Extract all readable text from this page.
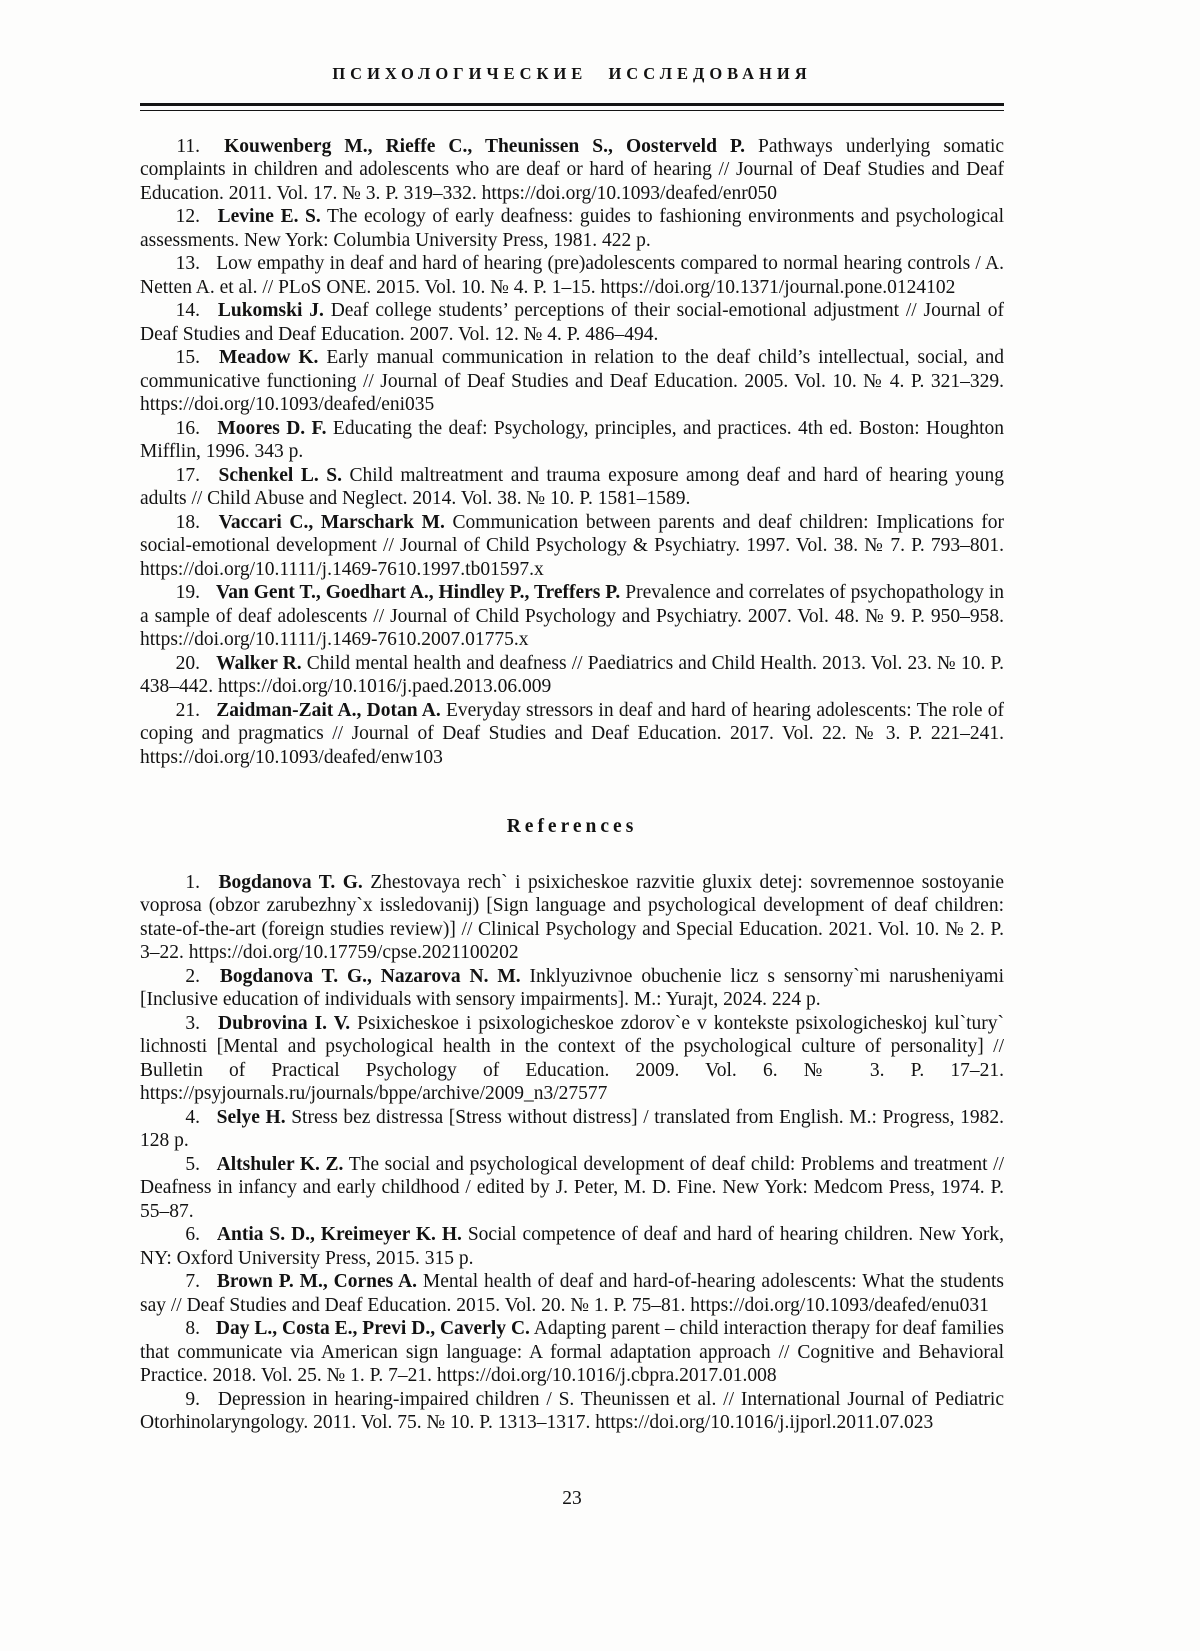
ПСИХОЛОГИЧЕСКИЕ ИССЛЕДОВАНИЯ

11. Kouwenberg M., Rieffe C., Theunissen S., Oosterveld P. Pathways underlying somatic complaints in children and adolescents who are deaf or hard of hearing // Journal of Deaf Studies and Deaf Education. 2011. Vol. 17. № 3. P. 319–332. https://doi.org/10.1093/deafed/enr050

12. Levine E. S. The ecology of early deafness: guides to fashioning environments and psychological assessments. New York: Columbia University Press, 1981. 422 p.

13. Low empathy in deaf and hard of hearing (pre)adolescents compared to normal hearing controls / A. Netten A. et al. // PLoS ONE. 2015. Vol. 10. № 4. P. 1–15. https://doi.org/10.1371/journal.pone.0124102

14. Lukomski J. Deaf college students’ perceptions of their social-emotional adjustment // Journal of Deaf Studies and Deaf Education. 2007. Vol. 12. № 4. P. 486–494.

15. Meadow K. Early manual communication in relation to the deaf child’s intellectual, social, and communicative functioning // Journal of Deaf Studies and Deaf Education. 2005. Vol. 10. № 4. P. 321–329. https://doi.org/10.1093/deafed/eni035

16. Moores D. F. Educating the deaf: Psychology, principles, and practices. 4th ed. Boston: Houghton Mifflin, 1996. 343 p.

17. Schenkel L. S. Child maltreatment and trauma exposure among deaf and hard of hearing young adults // Child Abuse and Neglect. 2014. Vol. 38. № 10. P. 1581–1589.

18. Vaccari C., Marschark M. Communication between parents and deaf children: Implications for social-emotional development // Journal of Child Psychology & Psychiatry. 1997. Vol. 38. № 7. P. 793–801. https://doi.org/10.1111/j.1469-7610.1997.tb01597.x

19. Van Gent T., Goedhart A., Hindley P., Treffers P. Prevalence and correlates of psychopathology in a sample of deaf adolescents // Journal of Child Psychology and Psychiatry. 2007. Vol. 48. № 9. P. 950–958. https://doi.org/10.1111/j.1469-7610.2007.01775.x

20. Walker R. Child mental health and deafness // Paediatrics and Child Health. 2013. Vol. 23. № 10. P. 438–442. https://doi.org/10.1016/j.paed.2013.06.009

21. Zaidman-Zait A., Dotan A. Everyday stressors in deaf and hard of hearing adolescents: The role of coping and pragmatics // Journal of Deaf Studies and Deaf Education. 2017. Vol. 22. № 3. P. 221–241. https://doi.org/10.1093/deafed/enw103

References

1. Bogdanova T. G. Zhestovaya rech` i psixicheskoe razvitie gluxix detej: sovremennoe sostoyanie voprosa (obzor zarubezhny`x issledovanij) [Sign language and psychological development of deaf children: state-of-the-art (foreign studies review)] // Clinical Psychology and Special Education. 2021. Vol. 10. № 2. P. 3–22. https://doi.org/10.17759/cpse.2021100202

2. Bogdanova T. G., Nazarova N. M. Inklyuzivnoe obuchenie licz s sensorny`mi narusheniyami [Inclusive education of individuals with sensory impairments]. M.: Yurajt, 2024. 224 p.

3. Dubrovina I. V. Psixicheskoe i psixologicheskoe zdorov`e v kontekste psixologicheskoj kul`tury` lichnosti [Mental and psychological health in the context of the psychological culture of personality] // Bulletin of Practical Psychology of Education. 2009. Vol. 6. № 3. P. 17–21. https://psyjournals.ru/journals/bppe/archive/2009_n3/27577

4. Selye H. Stress bez distressa [Stress without distress] / translated from English. M.: Progress, 1982. 128 p.

5. Altshuler K. Z. The social and psychological development of deaf child: Problems and treatment // Deafness in infancy and early childhood / edited by J. Peter, M. D. Fine. New York: Medcom Press, 1974. P. 55–87.

6. Antia S. D., Kreimeyer K. H. Social competence of deaf and hard of hearing children. New York, NY: Oxford University Press, 2015. 315 p.

7. Brown P. M., Cornes A. Mental health of deaf and hard-of-hearing adolescents: What the students say // Deaf Studies and Deaf Education. 2015. Vol. 20. № 1. P. 75–81. https://doi.org/10.1093/deafed/enu031

8. Day L., Costa E., Previ D., Caverly C. Adapting parent – child interaction therapy for deaf families that communicate via American sign language: A formal adaptation approach // Cognitive and Behavioral Practice. 2018. Vol. 25. № 1. P. 7–21. https://doi.org/10.1016/j.cbpra.2017.01.008

9. Depression in hearing-impaired children / S. Theunissen et al. // International Journal of Pediatric Otorhinolaryngology. 2011. Vol. 75. № 10. P. 1313–1317. https://doi.org/10.1016/j.ijporl.2011.07.023

23
